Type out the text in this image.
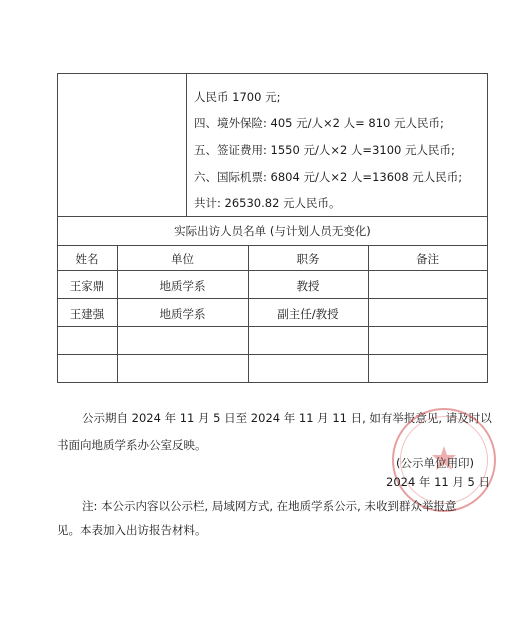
人民币 1700 元;
四、境外保险: 405 元/人×2 人= 810 元人民币;
五、签证费用: 1550 元/人×2 人=3100 元人民币;
六、国际机票: 6804 元/人×2 人=13608 元人民币;
共计: 26530.82 元人民币。
实际出访人员名单 (与计划人员无变化)
姓名	单位	职务	备注
王家鼎	地质学系	教授
王建强	地质学系	副主任/教授
公示期自 2024 年 11 月 5 日至 2024 年 11 月 11 日, 如有举报意见, 请及时以
书面向地质学系办公室反映。
(公示单位用印)
2024 年 11 月 5 日
注: 本公示内容以公示栏, 局域网方式, 在地质学系公示, 未收到群众举报意
见。本表加入出访报告材料。
